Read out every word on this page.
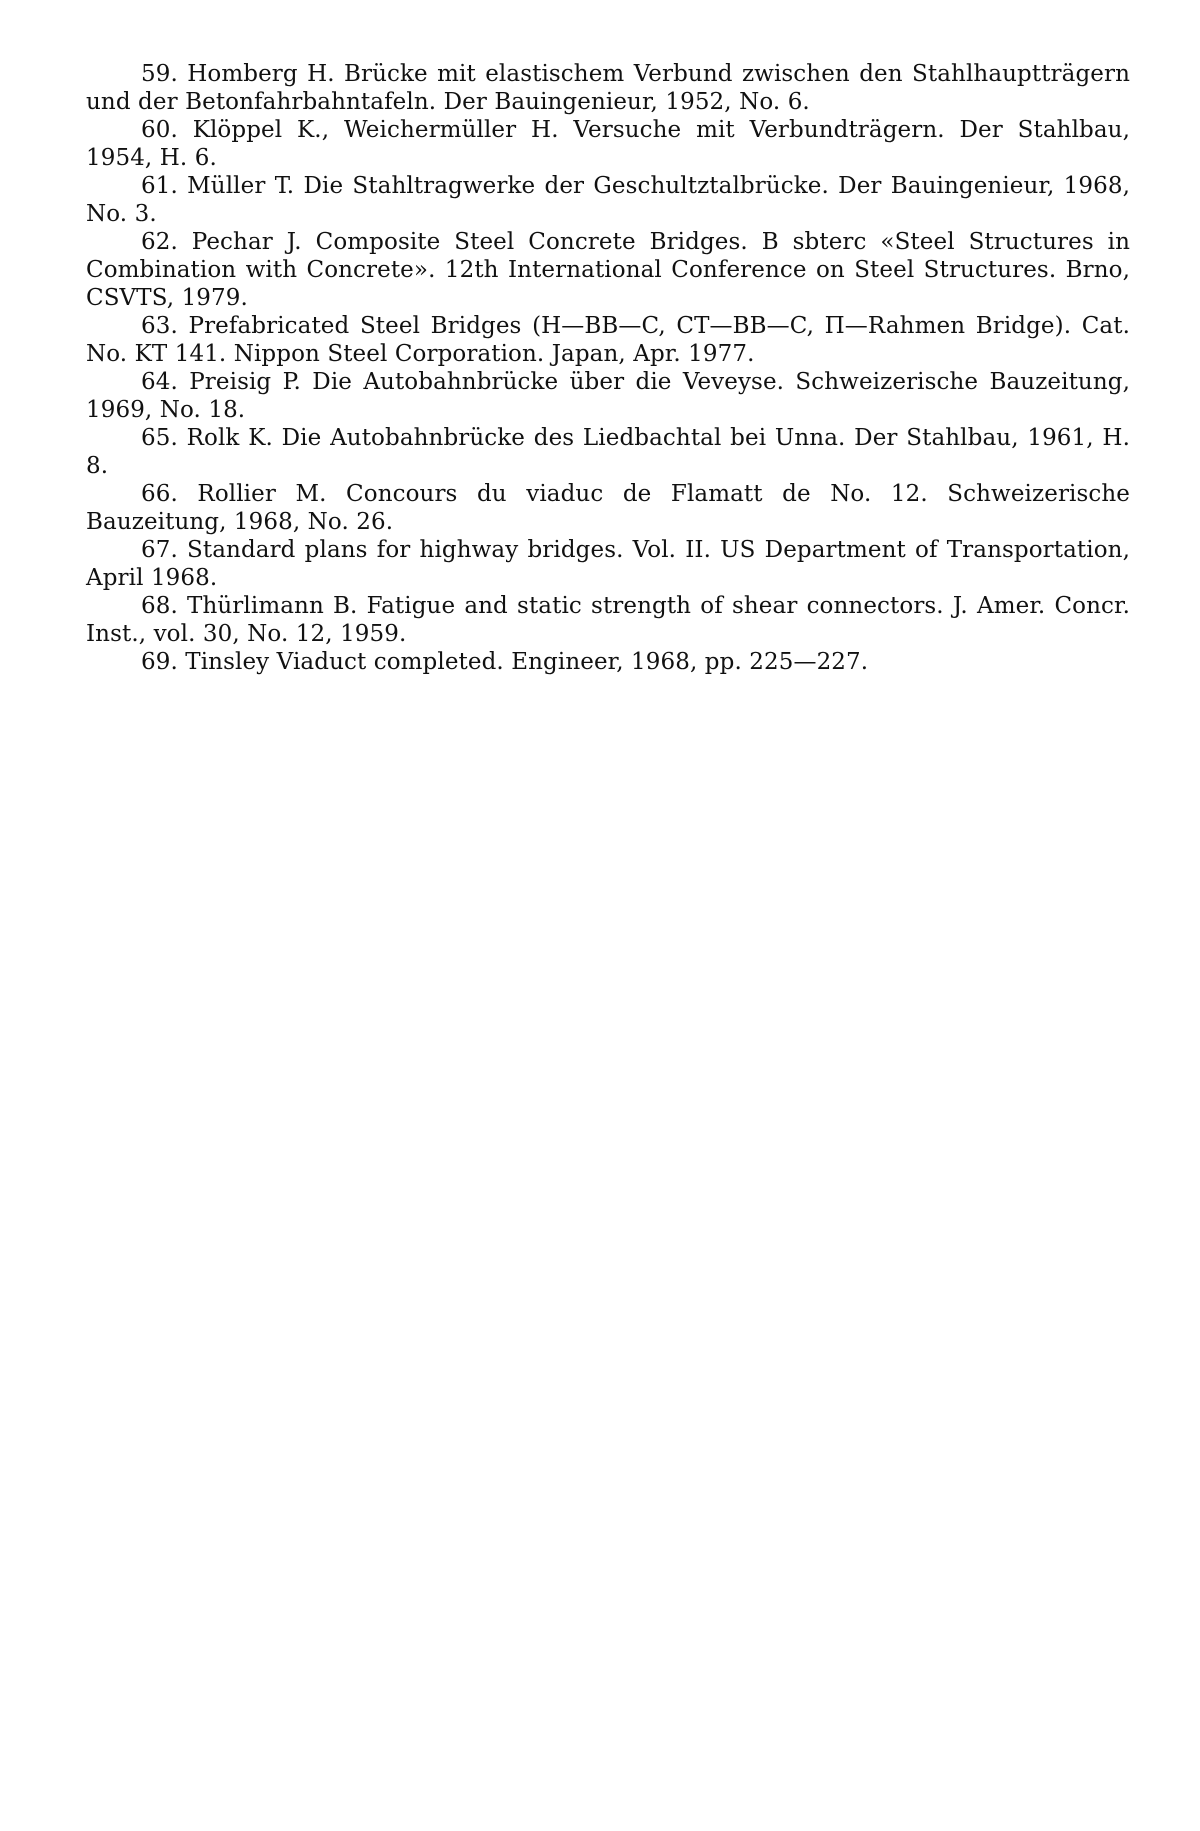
59. Homberg H. Brücke mit elastischem Verbund zwischen den Stahlhauptträgern und der Betonfahrbahntafeln. Der Bauingenieur, 1952, No. 6.
60. Klöppel K., Weichermüller H. Versuche mit Verbundträgern. Der Stahlbau, 1954, H. 6.
61. Müller T. Die Stahltragwerke der Geschultztalbrücke. Der Bauingenieur, 1968, No. 3.
62. Pechar J. Composite Steel Concrete Bridges. B sbterc «Steel Structures in Combination with Concrete». 12th International Conference on Steel Structures. Brno, CSVTS, 1979.
63. Prefabricated Steel Bridges (H—BB—C, CT—BB—C, П—Rahmen Bridge). Cat. No. KT 141. Nippon Steel Corporation. Japan, Apr. 1977.
64. Preisig P. Die Autobahnbrücke über die Veveyse. Schweizerische Bauzeitung, 1969, No. 18.
65. Rolk K. Die Autobahnbrücke des Liedbachtal bei Unna. Der Stahlbau, 1961, H. 8.
66. Rollier M. Concours du viaduc de Flamatt de No. 12. Schweizerische Bauzeitung, 1968, No. 26.
67. Standard plans for highway bridges. Vol. II. US Department of Transportation, April 1968.
68. Thürlimann B. Fatigue and static strength of shear connectors. J. Amer. Concr. Inst., vol. 30, No. 12, 1959.
69. Tinsley Viaduct completed. Engineer, 1968, pp. 225—227.
